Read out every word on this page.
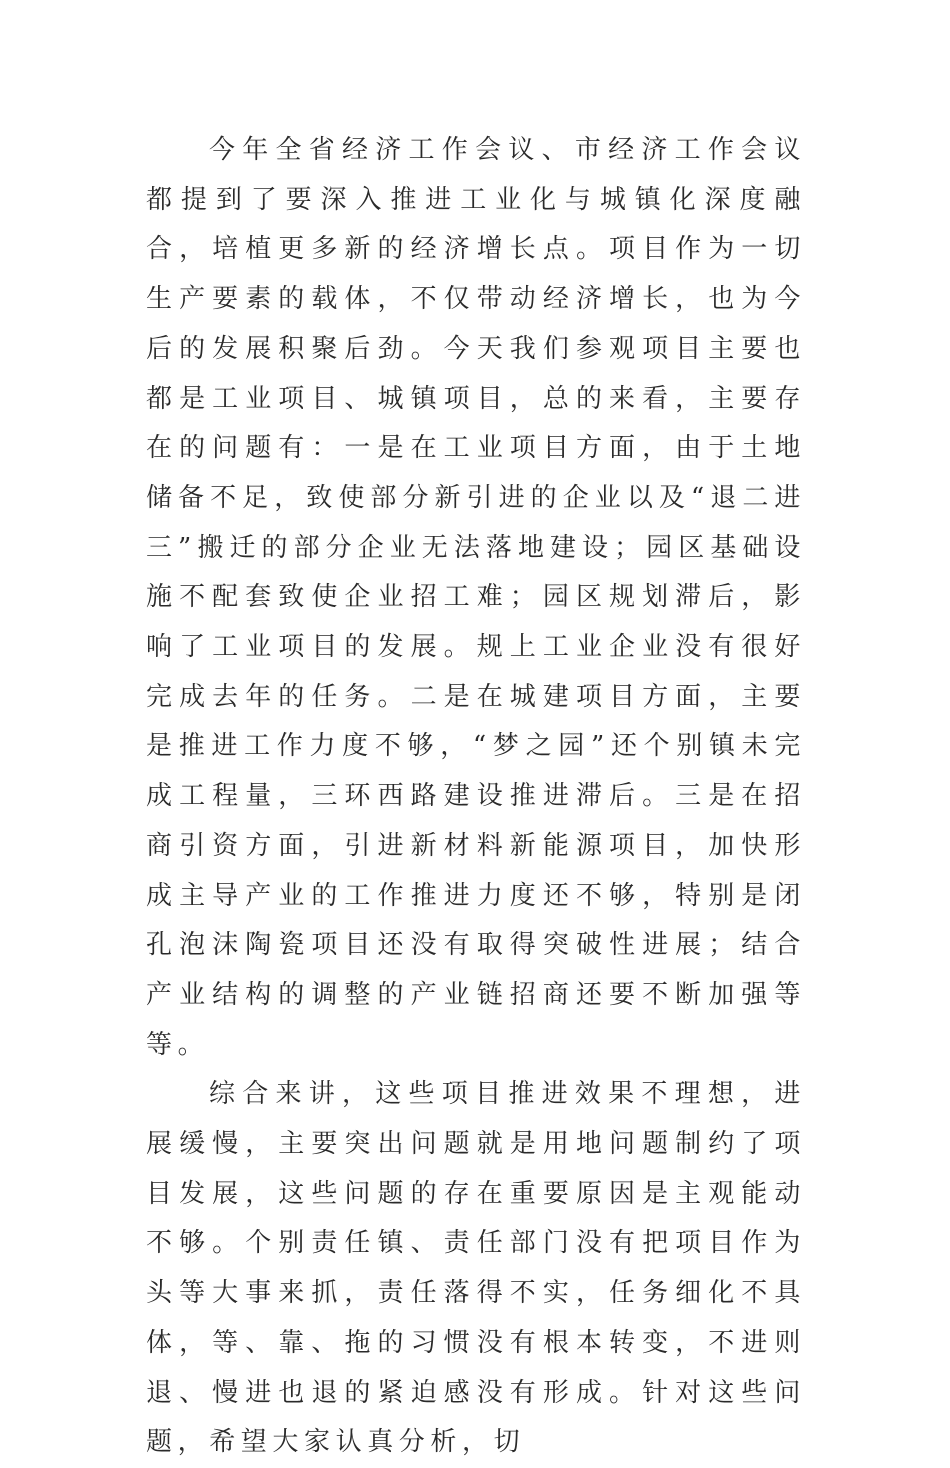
今年全省经济工作会议、市经济工作会议都提到了要深入推进工业化与城镇化深度融合，培植更多新的经济增长点。项目作为一切生产要素的载体，不仅带动经济增长，也为今后的发展积聚后劲。今天我们参观项目主要也都是工业项目、城镇项目，总的来看，主要存在的问题有：一是在工业项目方面，由于土地储备不足，致使部分新引进的企业以及“退二进三”搬迁的部分企业无法落地建设；园区基础设施不配套致使企业招工难；园区规划滞后，影响了工业项目的发展。规上工业企业没有很好完成去年的任务。二是在城建项目方面，主要是推进工作力度不够，“梦之园”还个别镇未完成工程量，三环西路建设推进滞后。三是在招商引资方面，引进新材料新能源项目，加快形成主导产业的工作推进力度还不够，特别是闭孔泡沫陶瓷项目还没有取得突破性进展；结合产业结构的调整的产业链招商还要不断加强等等。

综合来讲，这些项目推进效果不理想，进展缓慢，主要突出问题就是用地问题制约了项目发展，这些问题的存在重要原因是主观能动不够。个别责任镇、责任部门没有把项目作为头等大事来抓，责任落得不实，任务细化不具体，等、靠、拖的习惯没有根本转变，不进则退、慢进也退的紧迫感没有形成。针对这些问题，希望大家认真分析，切
